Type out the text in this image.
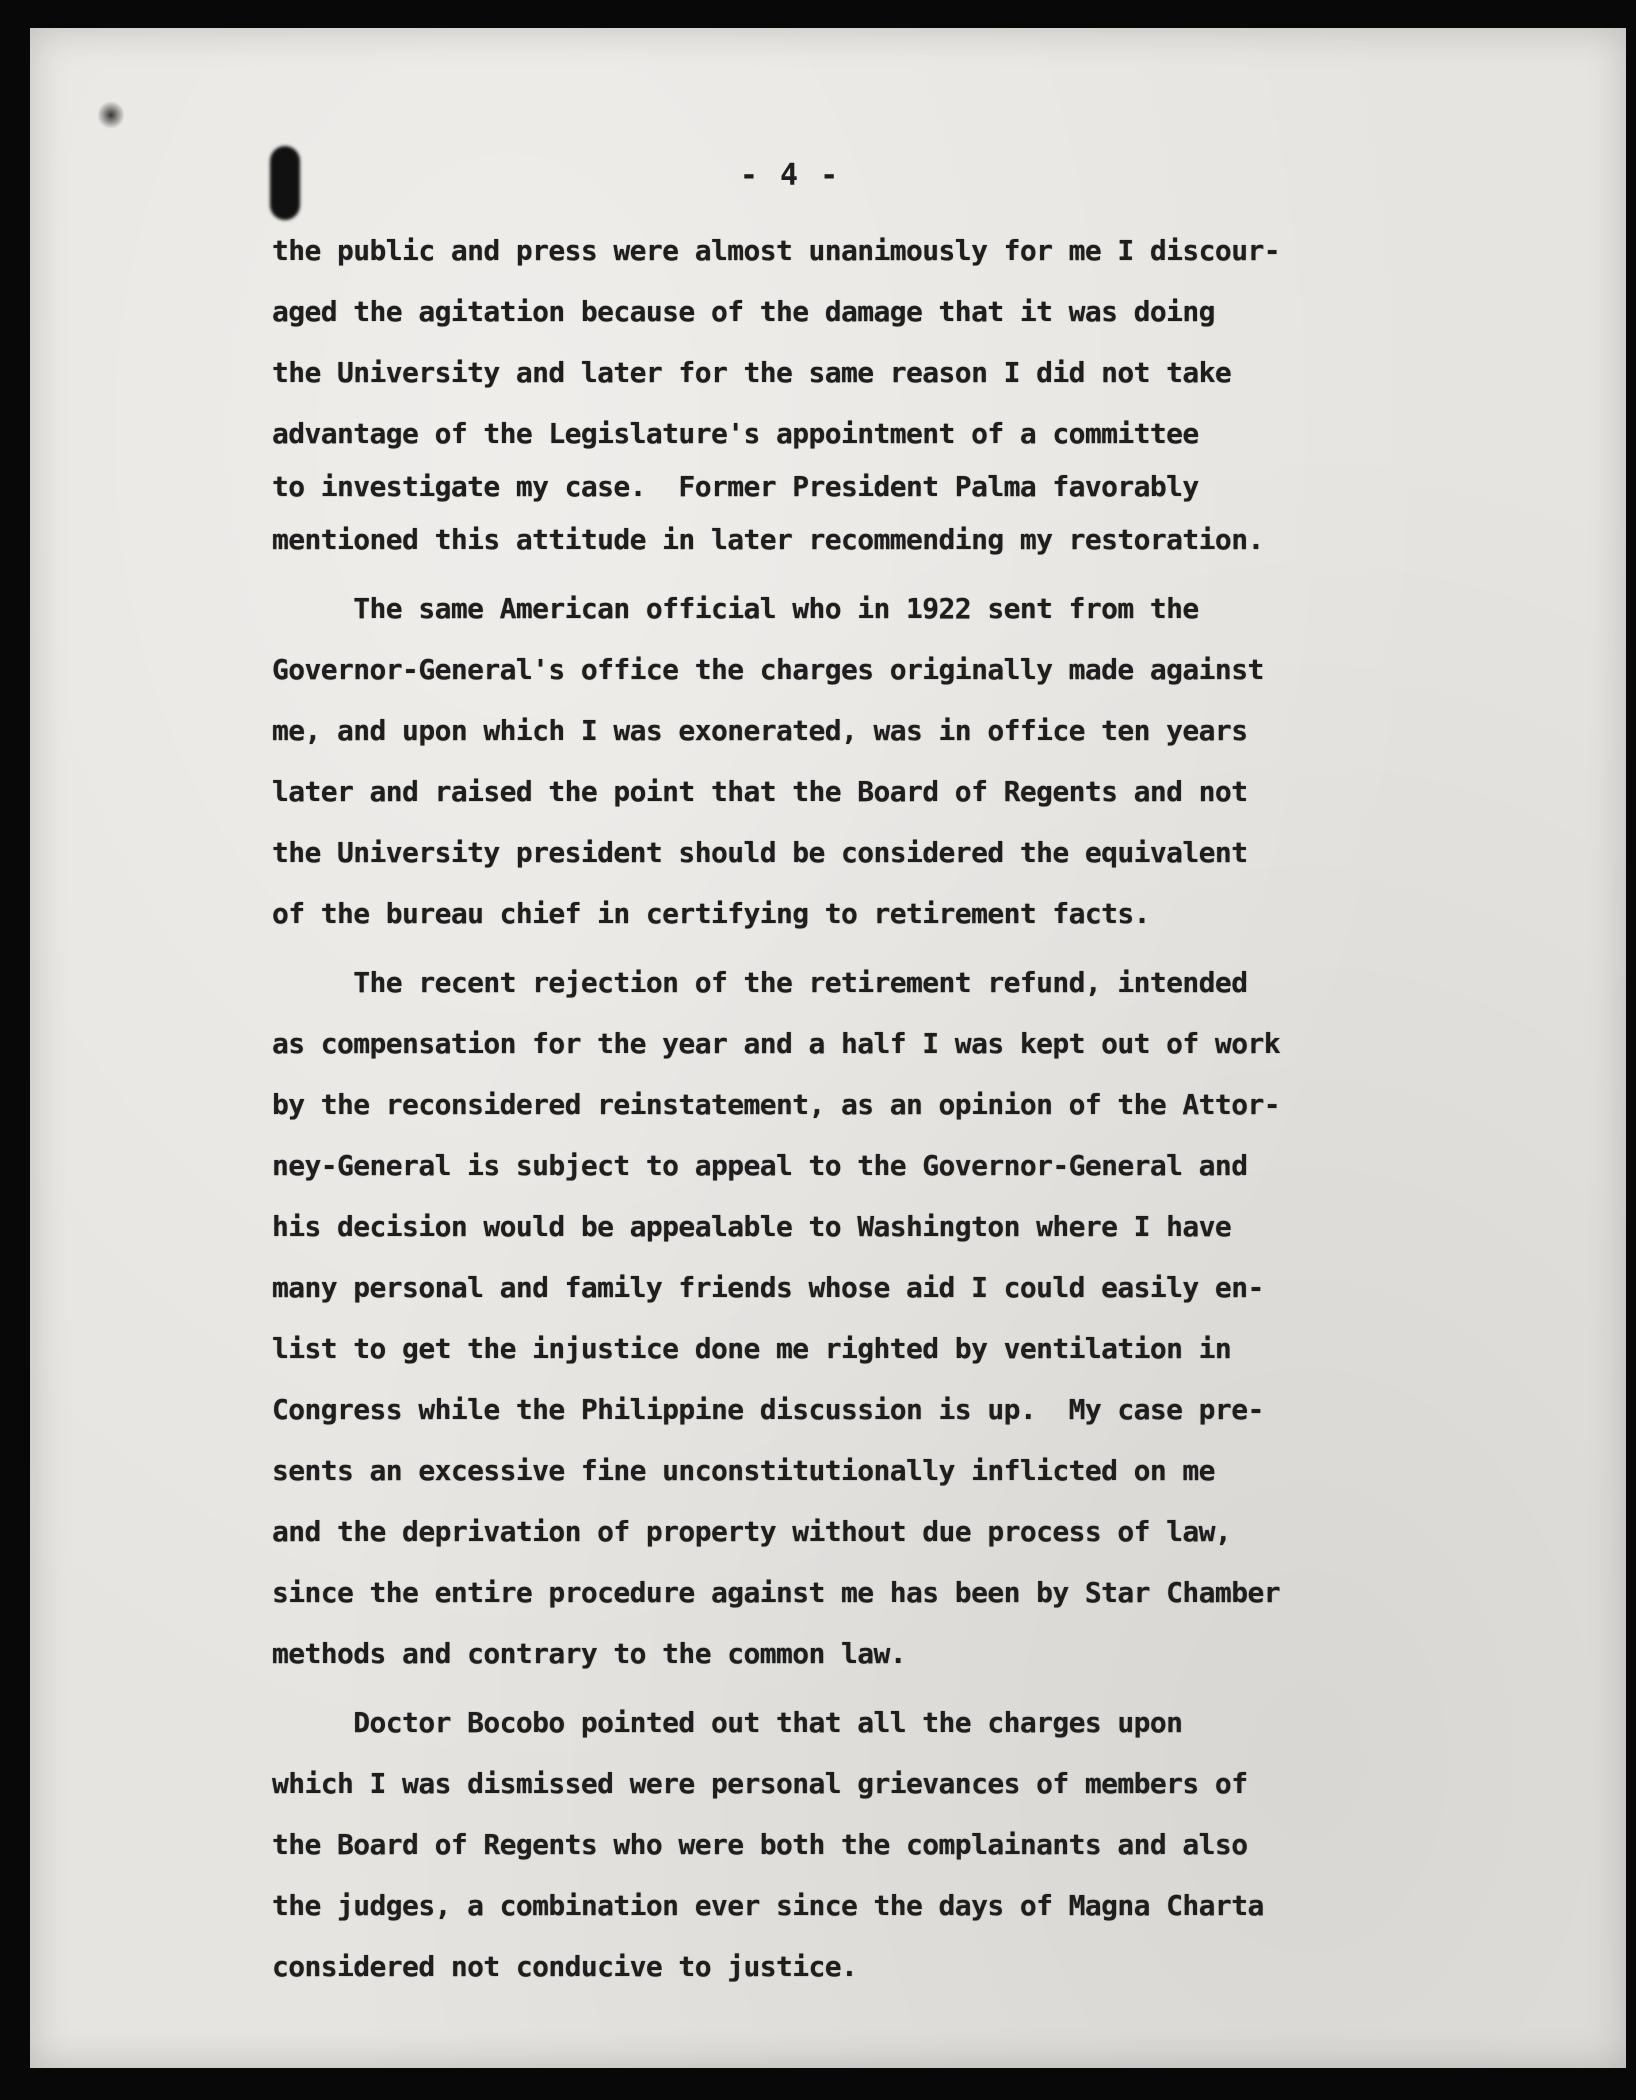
- 4 -
the public and press were almost unanimously for me I discour-
aged the agitation because of the damage that it was doing
the University and later for the same reason I did not take
advantage of the Legislature's appointment of a committee
to investigate my case.  Former President Palma favorably
mentioned this attitude in later recommending my restoration.
The same American official who in 1922 sent from the
Governor-General's office the charges originally made against
me, and upon which I was exonerated, was in office ten years
later and raised the point that the Board of Regents and not
the University president should be considered the equivalent
of the bureau chief in certifying to retirement facts.
The recent rejection of the retirement refund, intended
as compensation for the year and a half I was kept out of work
by the reconsidered reinstatement, as an opinion of the Attor-
ney-General is subject to appeal to the Governor-General and
his decision would be appealable to Washington where I have
many personal and family friends whose aid I could easily en-
list to get the injustice done me righted by ventilation in
Congress while the Philippine discussion is up.  My case pre-
sents an excessive fine unconstitutionally inflicted on me
and the deprivation of property without due process of law,
since the entire procedure against me has been by Star Chamber
methods and contrary to the common law.
Doctor Bocobo pointed out that all the charges upon
which I was dismissed were personal grievances of members of
the Board of Regents who were both the complainants and also
the judges, a combination ever since the days of Magna Charta
considered not conducive to justice.
